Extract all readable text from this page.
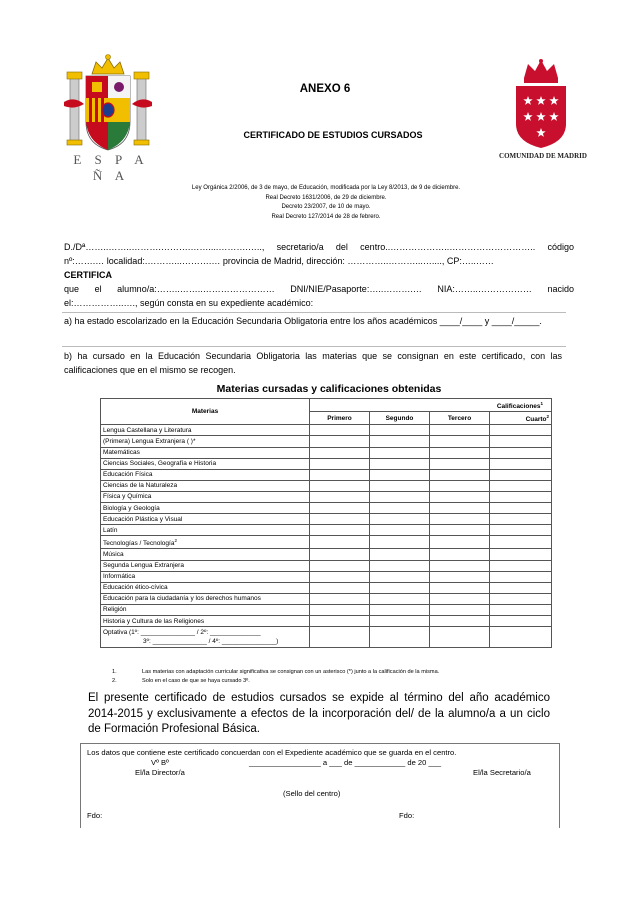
E S P A Ñ A
COMUNIDAD DE MADRID
ANEXO 6
CERTIFICADO DE ESTUDIOS CURSADOS
Ley Orgánica 2/2006, de 3 de mayo, de Educación, modificada por la Ley 8/2013, de 9 de diciembre.
Real Decreto 1631/2006, de 29 de diciembre.
Decreto 23/2007, de 10 de mayo.
Real Decreto 127/2014 de 28 de febrero.
D./Dª……..……..……….……….……....……….….., secretario/a del centro..………………..……………………….. código nº:…….… localidad:.………...……….… provincia de Madrid, dirección: …………..………...…...., CP:…..……
CERTIFICA
que el alumno/a:……..……..…………………… DNI/NIE/Pasaporte:…..……….… NIA:……..……………… nacido el:……………..…., según consta en su expediente académico:
a) ha estado escolarizado en la Educación Secundaria Obligatoria entre los años académicos ____/____ y ____/_____.
b) ha cursado en la Educación Secundaria Obligatoria las materias que se consignan en este certificado, con las calificaciones que en el mismo se recogen.
Materias cursadas y calificaciones obtenidas
Materias	Calificaciones$^1$
	Primero	Segundo	Tercero	Cuarto$^2$
Lengua Castellana y Literatura				
(Primera) Lengua Extranjera ( )*				
Matemáticas				
Ciencias Sociales, Geografía e Historia				
Educación Física				
Ciencias de la Naturaleza				
Física y Química				
Biología y Geología				
Educación Plástica y Visual				
Latín				
Tecnologías / Tecnología$^2$				
Música				
Segunda Lengua Extranjera				
Informática				
Educación ético-cívica				
Educación para la ciudadanía y los derechos humanos				
Religión				
Historia y Cultura de las Religiones				

Optativa (1º: _______________ / 2º: ______________
3º: _______________ / 4º: _______________)				

1.	Las materias con adaptación curricular significativa se consignan con un asterisco (*) junto a la calificación de la misma.
2.	Solo en el caso de que se haya cursado 3º.
El presente certificado de estudios cursados se expide al término del año académico 2014-2015 y exclusivamente a efectos de la incorporación del/ de la alumno/a a un ciclo de Formación Profesional Básica.
Los datos que contiene este certificado concuerdan con el Expediente académico que se guarda en el centro.
Vº Bº	_________________ a ___ de ____________ de 20 ___
El/la Director/a	El/la Secretario/a
(Sello del centro)
Fdo:	Fdo:
